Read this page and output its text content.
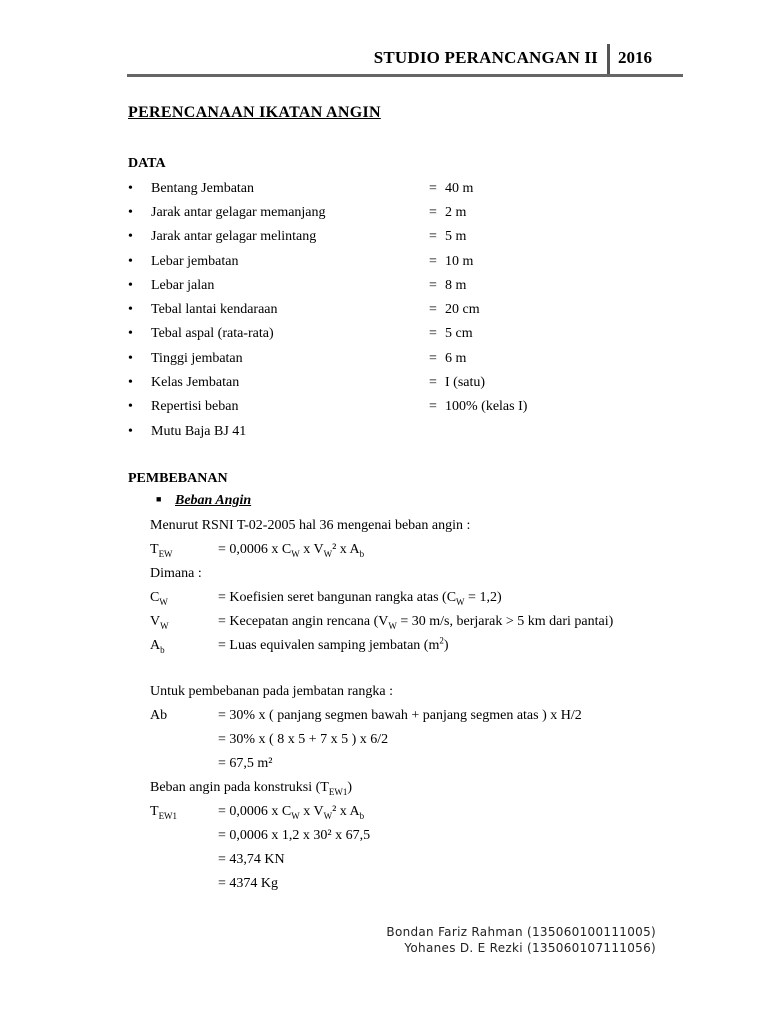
STUDIO PERANCANGAN II 2016
PERENCANAAN IKATAN ANGIN
DATA
• Bentang Jembatan	= 40 m
• Jarak antar gelagar memanjang	= 2 m
• Jarak antar gelagar melintang	= 5 m
• Lebar jembatan	= 10 m
• Lebar jalan	= 8 m
• Tebal lantai kendaraan	= 20 cm
• Tebal aspal (rata-rata)	= 5 cm
• Tinggi jembatan	= 6 m
• Kelas Jembatan	= I (satu)
• Repertisi beban	= 100% (kelas I)
• Mutu Baja BJ 41
PEMBEBANAN
■ Beban Angin
Menurut RSNI T-02-2005 hal 36 mengenai beban angin :
$T_{EW}$	= 0,0006 x $C_W$ x $V_W^2$ x $A_b$
Dimana :
$C_W$	= Koefisien seret bangunan rangka atas $(C_W = 1,2)$
$V_W$	= Kecepatan angin rencana ($V_W = 30$ m/s, berjarak > 5 km dari pantai)
$A_b$	= Luas equivalen samping jembatan $(m^2)$
Untuk pembebanan pada jembatan rangka :
Ab	= 30% x ( panjang segmen bawah + panjang segmen atas ) x H/2
= 30% x ( 8 x 5 + 7 x 5 ) x 6/2
= 67,5 m²
Beban angin pada konstruksi $(T_{EW1})$
$T_{EW1}$	= 0,0006 x $C_W$ x $V_W^2$ x $A_b$
= 0,0006 x 1,2 x 30² x 67,5
= 43,74 KN
= 4374 Kg
Bondan Fariz Rahman (135060100111005)
Yohanes D. E Rezki (135060107111056)
